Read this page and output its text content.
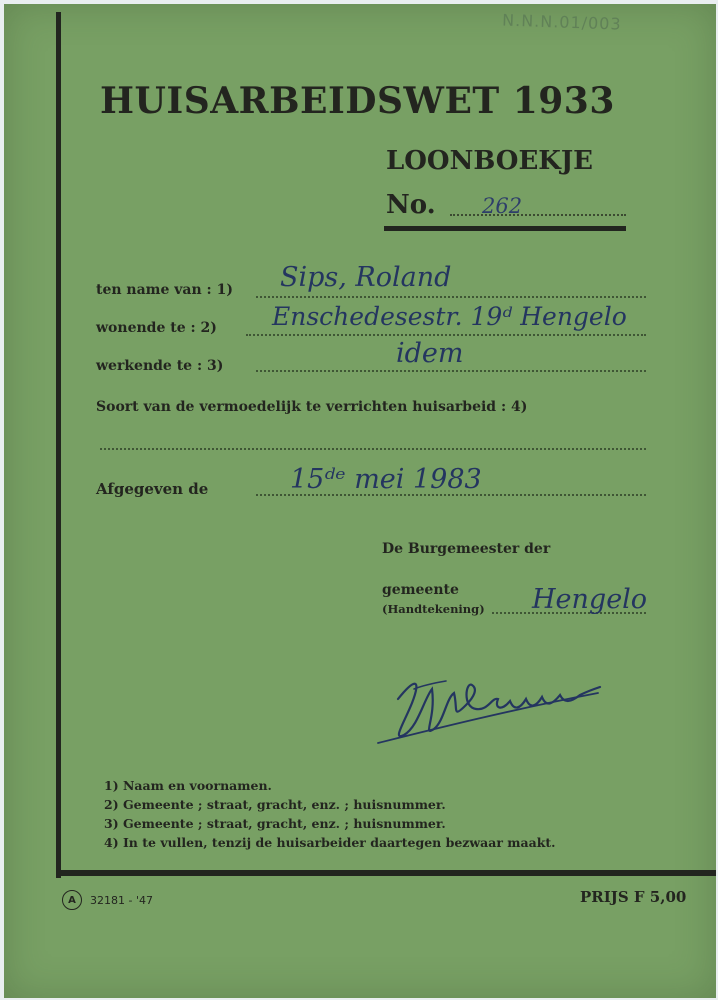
N.N.N.01/003
HUISARBEIDSWET 1933
LOONBOEKJE
No. 262
ten name van : 1) Sips, Roland
wonende te : 2) Enschedesestr. 19ᵈ Hengelo
werkende te : 3)	idem
Soort van de vermoedelijk te verrichten huisarbeid : 4)
Afgegeven de	15ᵈᵉ mei 1983
De Burgemeester der
gemeente
(Handtekening) Hengelo
1) Naam en voornamen.
2) Gemeente ; straat, gracht, enz. ; huisnummer.
3) Gemeente ; straat, gracht, enz. ; huisnummer.
4) In te vullen, tenzij de huisarbeider daartegen bezwaar maakt.
A	32181 - '47	PRIJS F 5,00
